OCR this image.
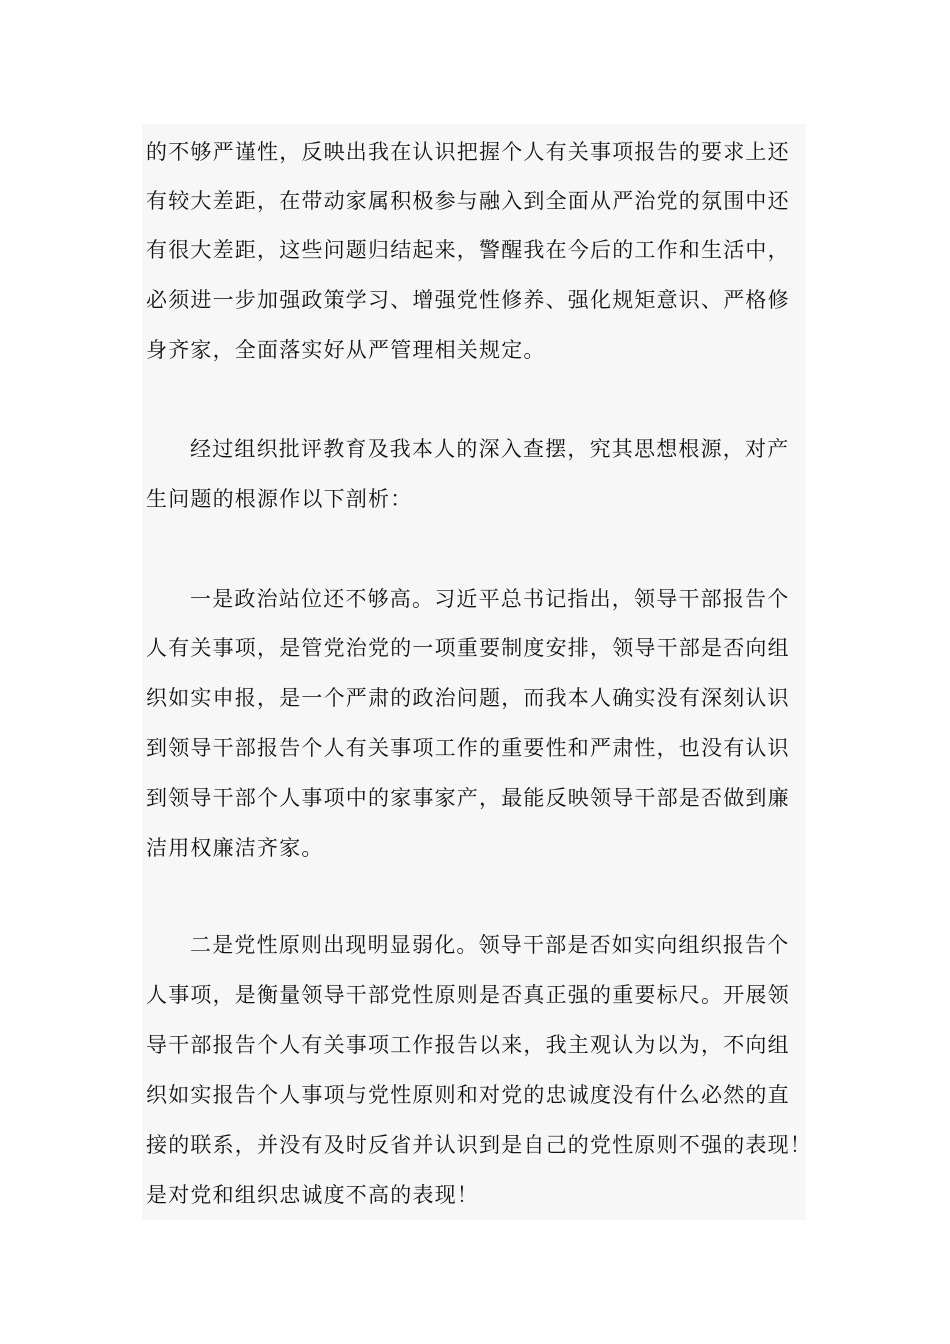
的不够严谨性，反映出我在认识把握个人有关事项报告的要求上还
有较大差距，在带动家属积极参与融入到全面从严治党的氛围中还
有很大差距，这些问题归结起来，警醒我在今后的工作和生活中，
必须进一步加强政策学习、增强党性修养、强化规矩意识、严格修
身齐家，全面落实好从严管理相关规定。
经过组织批评教育及我本人的深入查摆，究其思想根源，对产
生问题的根源作以下剖析：
一是政治站位还不够高。习近平总书记指出，领导干部报告个
人有关事项，是管党治党的一项重要制度安排，领导干部是否向组
织如实申报，是一个严肃的政治问题，而我本人确实没有深刻认识
到领导干部报告个人有关事项工作的重要性和严肃性，也没有认识
到领导干部个人事项中的家事家产，最能反映领导干部是否做到廉
洁用权廉洁齐家。
二是党性原则出现明显弱化。领导干部是否如实向组织报告个
人事项，是衡量领导干部党性原则是否真正强的重要标尺。开展领
导干部报告个人有关事项工作报告以来，我主观认为以为，不向组
织如实报告个人事项与党性原则和对党的忠诚度没有什么必然的直
接的联系，并没有及时反省并认识到是自己的党性原则不强的表现！
是对党和组织忠诚度不高的表现！
